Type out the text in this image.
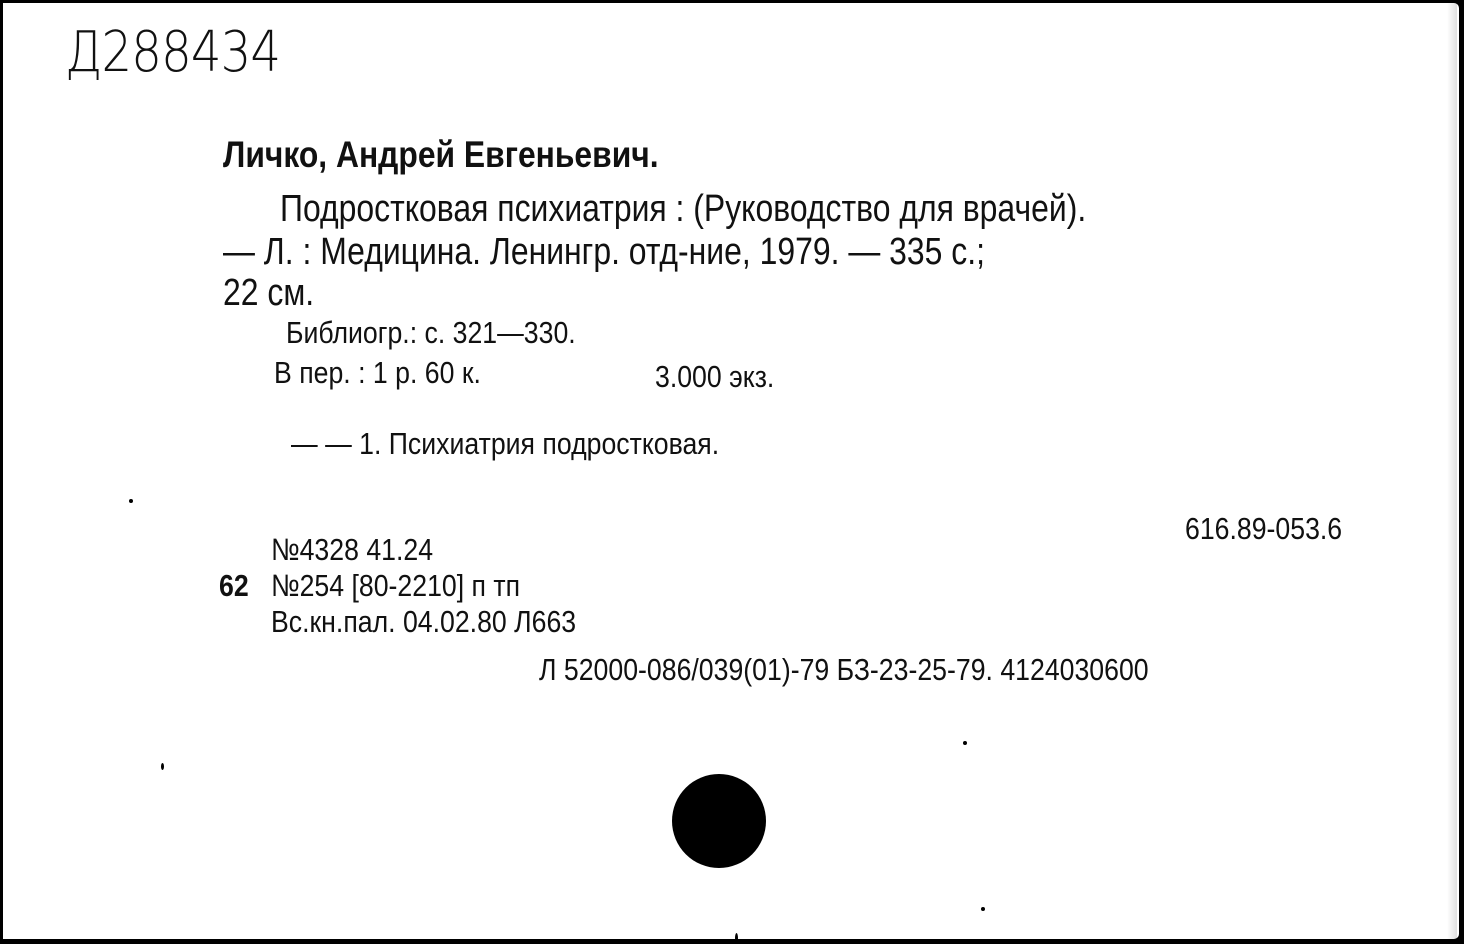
Д288434
Личко, Андрей Евгеньевич.
Подростковая психиатрия : (Руководство для врачей).
— Л. : Медицина. Ленингр. отд-ние, 1979. — 335 с.;
22 см.
Библиогр.: с. 321—330.
В пер. : 1 р. 60 к.	3.000 экз.
— — 1. Психиатрия подростковая.
616.89-053.6
№4328 41.24
62 №254 [80-2210] п тп
Вс.кн.пал. 04.02.80 Л663
Л 52000-086/039(01)-79 БЗ-23-25-79. 4124030600
